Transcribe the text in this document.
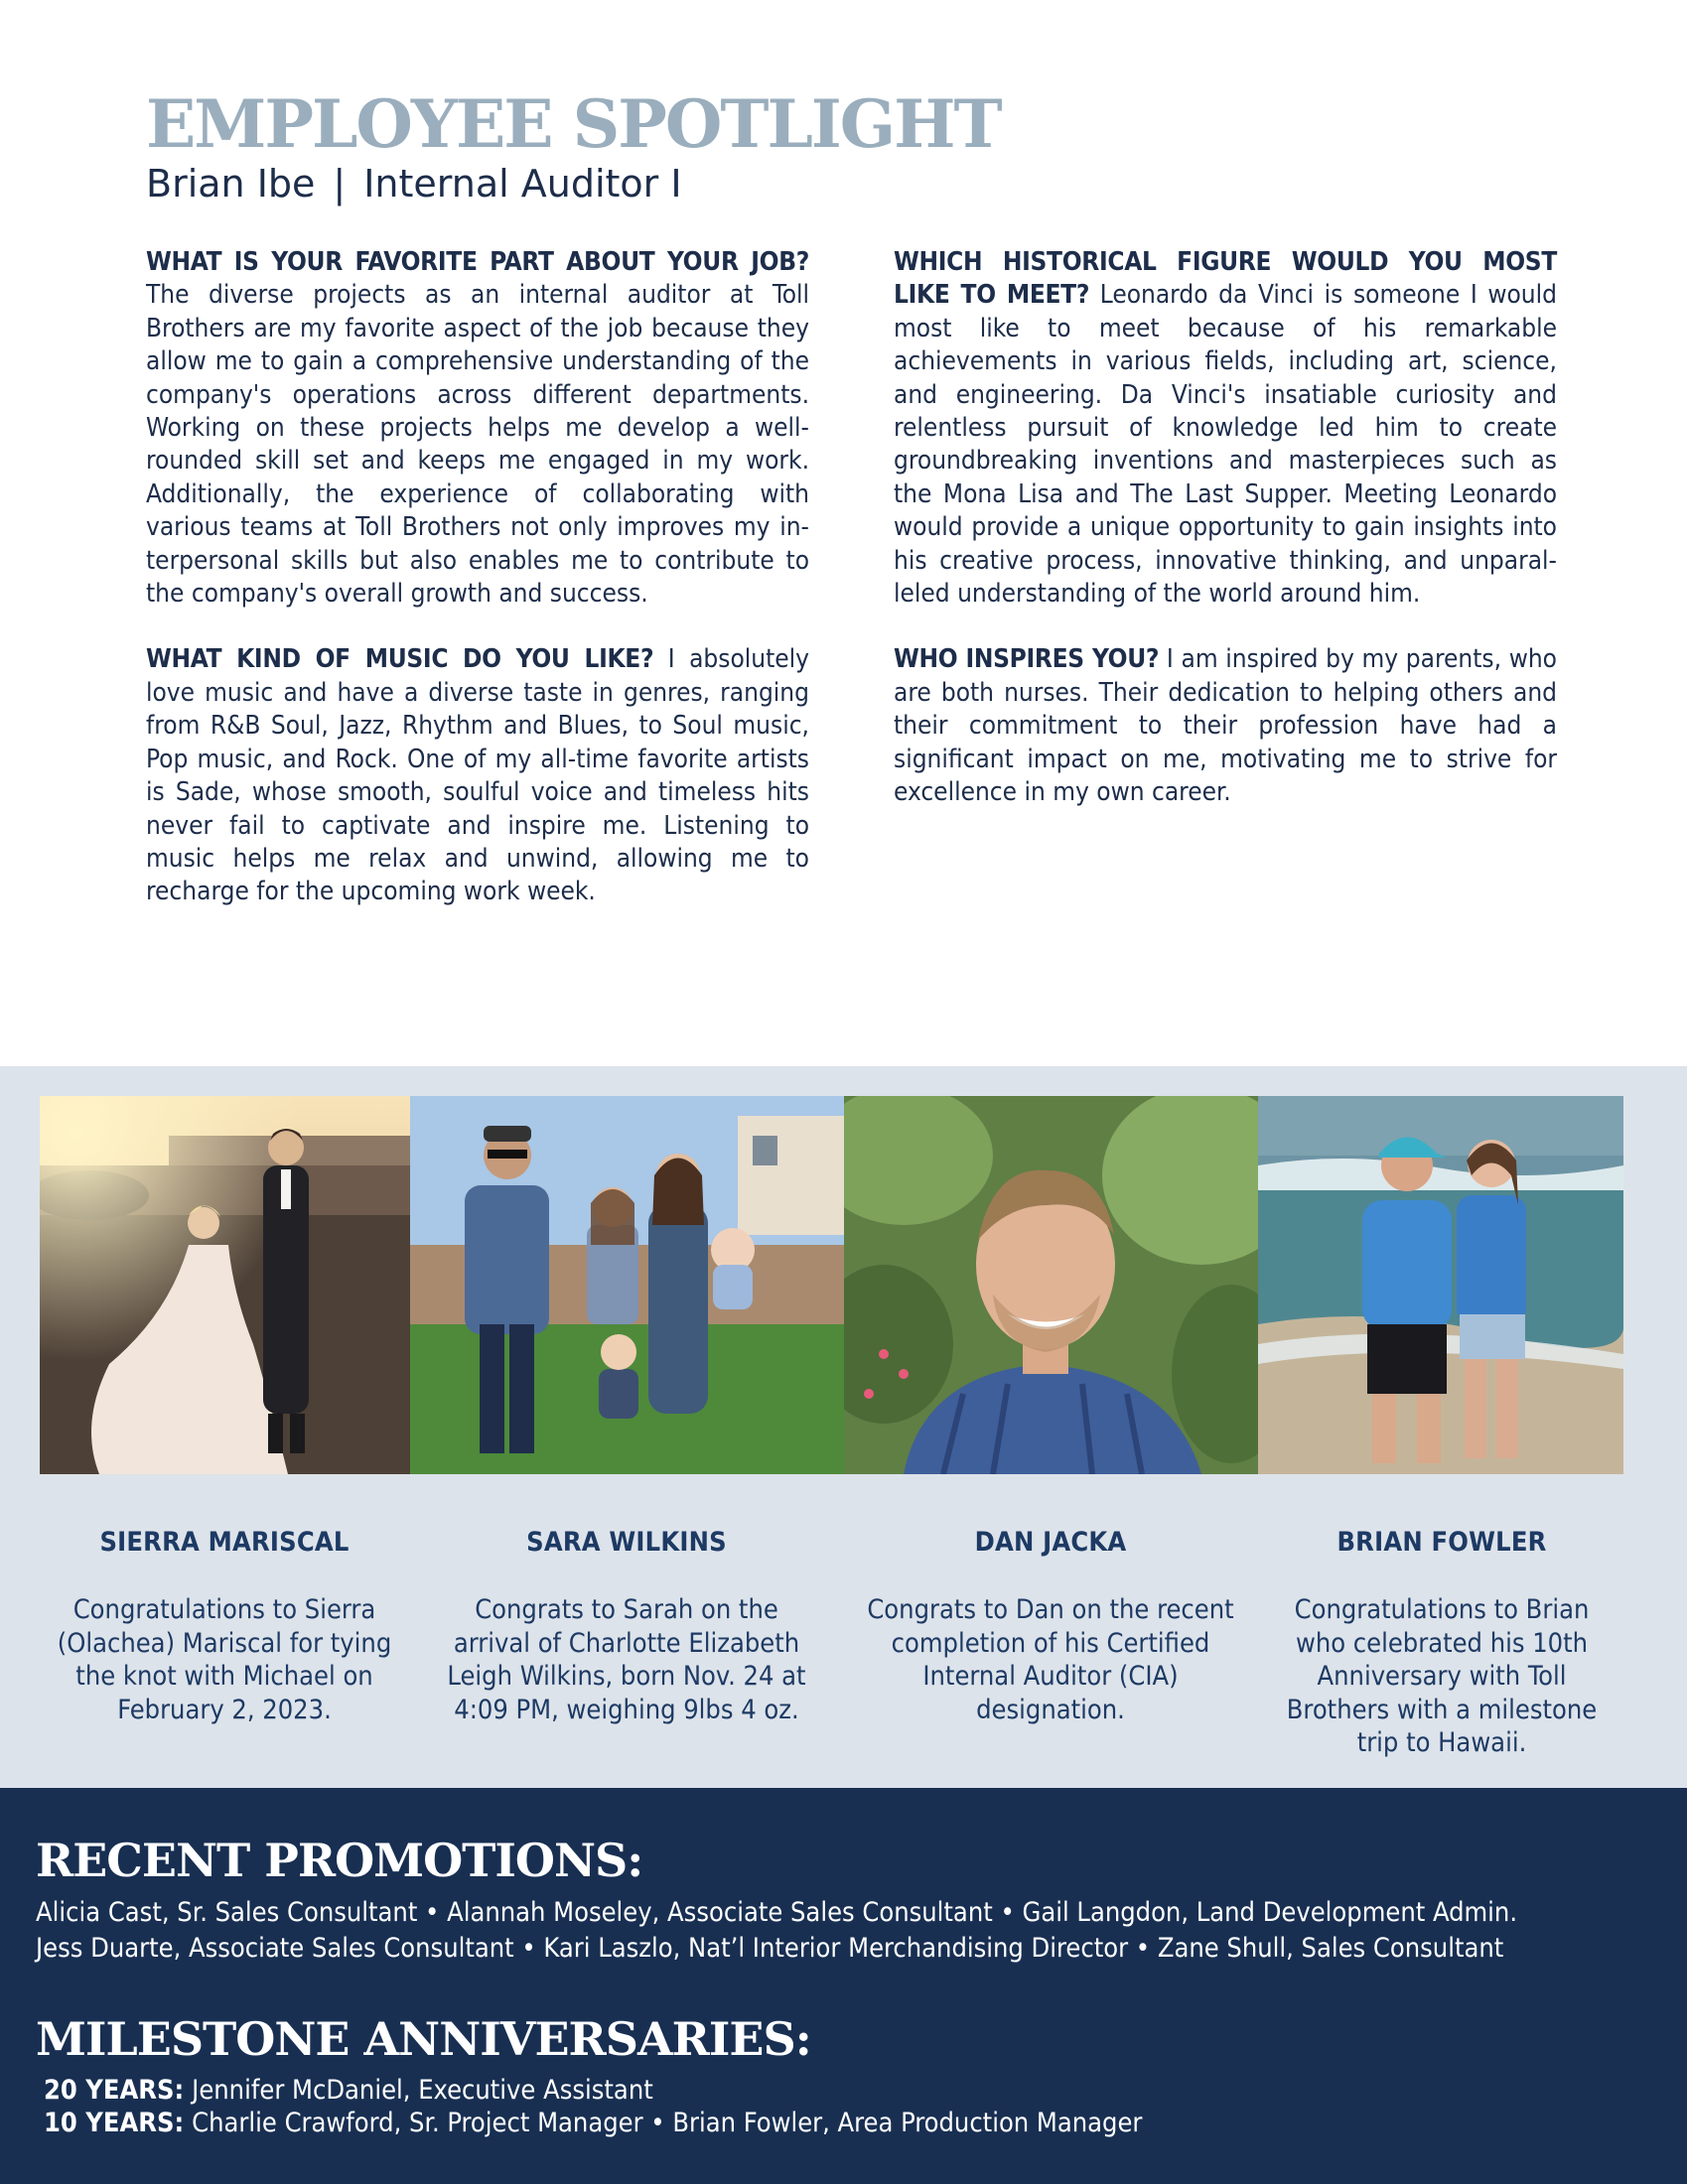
EMPLOYEE SPOTLIGHT
Brian Ibe | Internal Auditor I

WHAT IS YOUR FAVORITE PART ABOUT YOUR JOB? The diverse projects as an internal auditor at Toll Brothers are my favorite aspect of the job because they allow me to gain a comprehensive understanding of the company's operations across different departments. Working on these projects helps me develop a well-rounded skill set and keeps me engaged in my work. Additionally, the experience of collaborating with various teams at Toll Brothers not only improves my interpersonal skills but also enables me to contribute to the company's overall growth and success.

WHAT KIND OF MUSIC DO YOU LIKE? I absolutely love music and have a diverse taste in genres, ranging from R&B Soul, Jazz, Rhythm and Blues, to Soul music, Pop music, and Rock. One of my all-time favorite artists is Sade, whose smooth, soulful voice and timeless hits never fail to captivate and inspire me. Listening to music helps me relax and unwind, allowing me to recharge for the upcoming work week.

WHICH HISTORICAL FIGURE WOULD YOU MOST LIKE TO MEET? Leonardo da Vinci is someone I would most like to meet because of his remarkable achievements in various fields, including art, science, and engineering. Da Vinci's insatiable curiosity and relentless pursuit of knowledge led him to create groundbreaking inventions and masterpieces such as the Mona Lisa and The Last Supper. Meeting Leonardo would provide a unique opportunity to gain insights into his creative process, innovative thinking, and unparalleled understanding of the world around him.

WHO INSPIRES YOU? I am inspired by my parents, who are both nurses. Their dedication to helping others and their commitment to their profession have had a significant impact on me, motivating me to strive for excellence in my own career.

SIERRA MARISCAL
Congratulations to Sierra (Olachea) Mariscal for tying the knot with Michael on February 2, 2023.
SARA WILKINS
Congrats to Sarah on the arrival of Charlotte Elizabeth Leigh Wilkins, born Nov. 24 at 4:09 PM, weighing 9lbs 4 oz.
DAN JACKA
Congrats to Dan on the recent completion of his Certified Internal Auditor (CIA) designation.
BRIAN FOWLER
Congratulations to Brian who celebrated his 10th Anniversary with Toll Brothers with a milestone trip to Hawaii.
RECENT PROMOTIONS:
Alicia Cast, Sr. Sales Consultant • Alannah Moseley, Associate Sales Consultant • Gail Langdon, Land Development Admin.
Jess Duarte, Associate Sales Consultant • Kari Laszlo, Nat’l Interior Merchandising Director • Zane Shull, Sales Consultant
MILESTONE ANNIVERSARIES:
20 YEARS: Jennifer McDaniel, Executive Assistant
10 YEARS: Charlie Crawford, Sr. Project Manager • Brian Fowler, Area Production Manager
